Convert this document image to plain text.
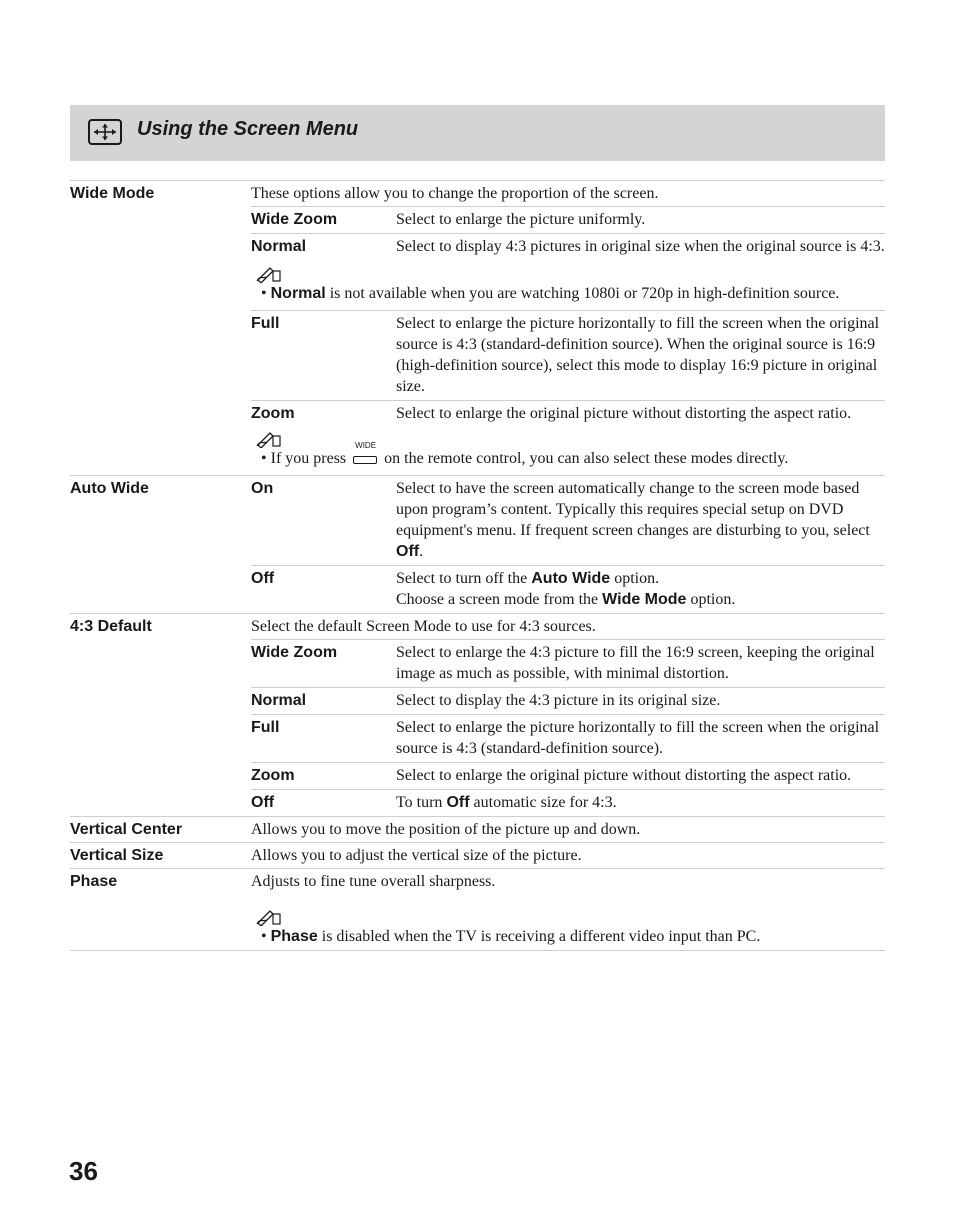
Using the Screen Menu
Wide Mode	These options allow you to change the proportion of the screen.
Wide Zoom	Select to enlarge the picture uniformly.
Normal	Select to display 4:3 pictures in original size when the original source is 4:3.
• Normal is not available when you are watching 1080i or 720p in high-definition source.
Full	Select to enlarge the picture horizontally to fill the screen when the original source is 4:3 (standard-definition source). When the original source is 16:9 (high-definition source), select this mode to display 16:9 picture in original size.
Zoom	Select to enlarge the original picture without distorting the aspect ratio.
• If you press
WIDE
on the remote control, you can also select these modes directly.
Auto Wide	On	Select to have the screen automatically change to the screen mode based upon program’s content. Typically this requires special setup on DVD equipment's menu. If frequent screen changes are disturbing to you, select Off.
Off	Select to turn off the Auto Wide option.
Choose a screen mode from the Wide Mode option.
4:3 Default	Select the default Screen Mode to use for 4:3 sources.
Wide Zoom	Select to enlarge the 4:3 picture to fill the 16:9 screen, keeping the original image as much as possible, with minimal distortion.
Normal	Select to display the 4:3 picture in its original size.
Full	Select to enlarge the picture horizontally to fill the screen when the original source is 4:3 (standard-definition source).
Zoom	Select to enlarge the original picture without distorting the aspect ratio.
Off	To turn Off automatic size for 4:3.
Vertical Center	Allows you to move the position of the picture up and down.
Vertical Size	Allows you to adjust the vertical size of the picture.
Phase	Adjusts to fine tune overall sharpness.
• Phase is disabled when the TV is receiving a different video input than PC.
36
